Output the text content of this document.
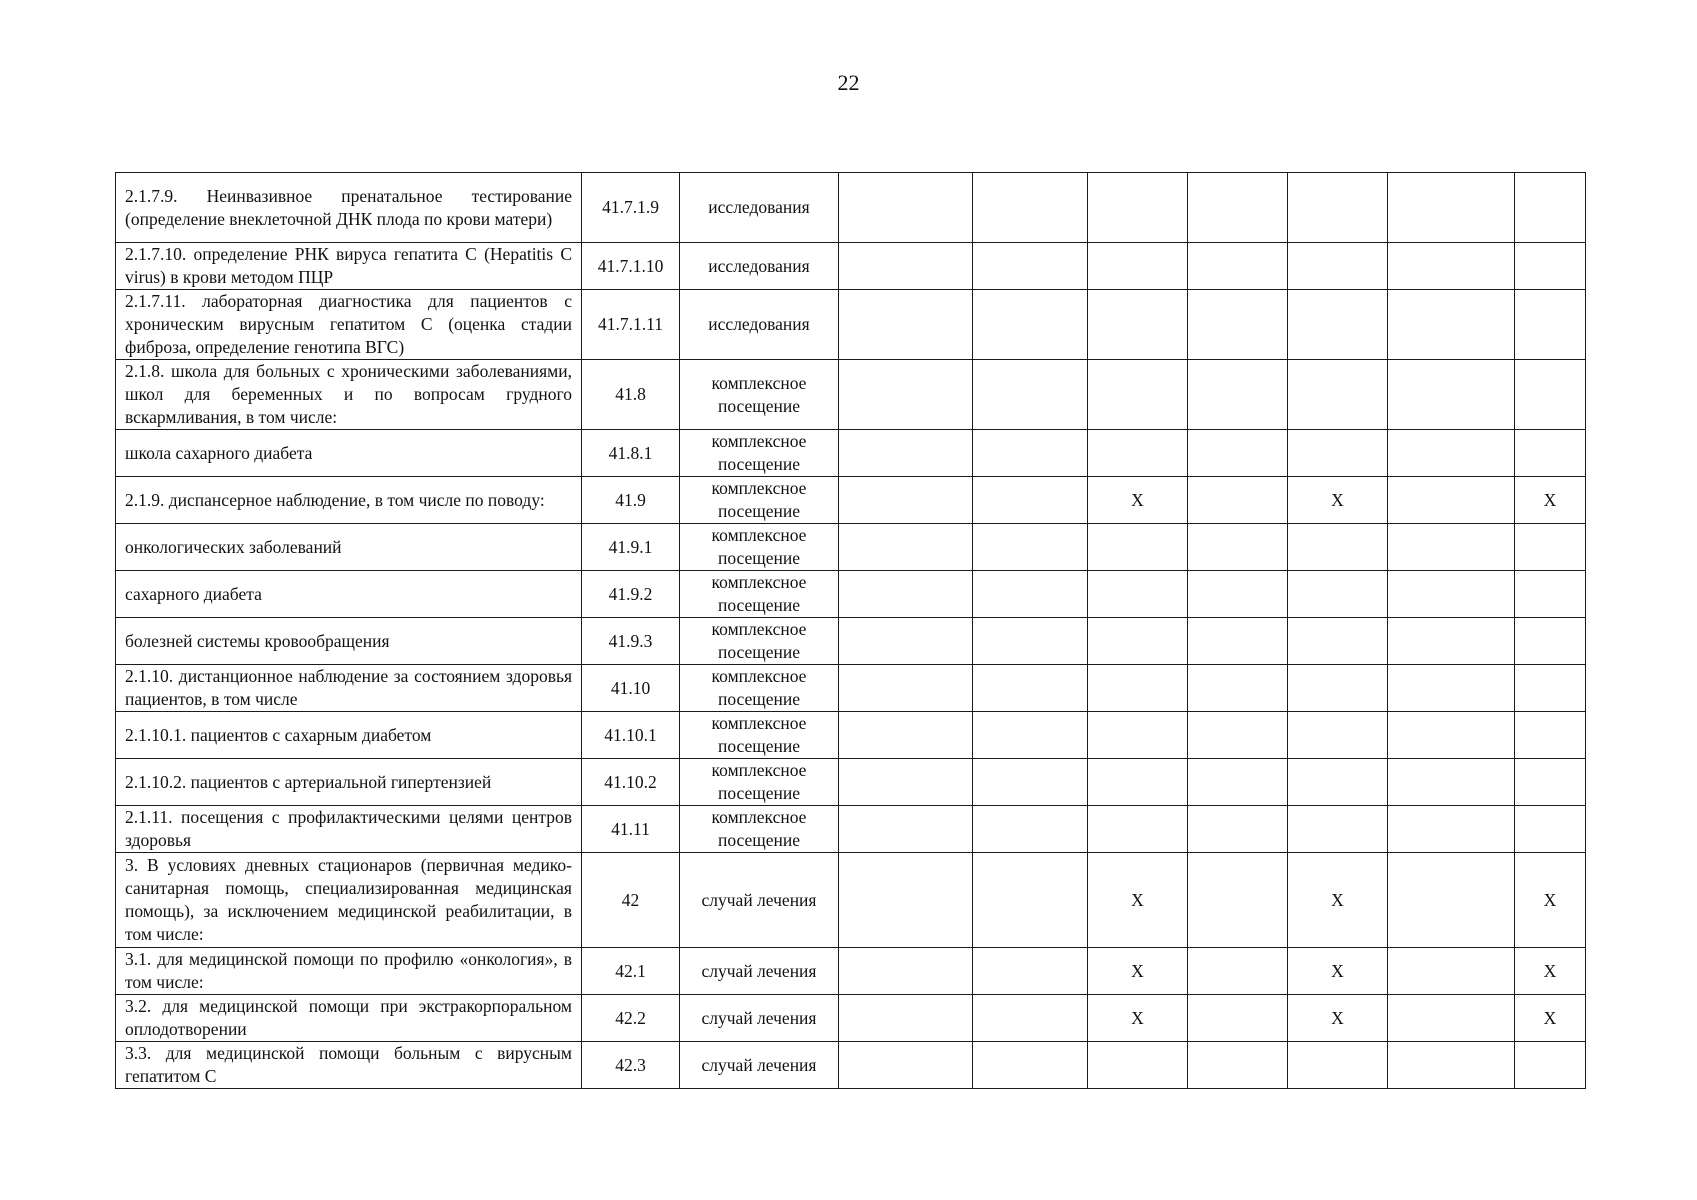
22
2.1.7.9. Неинвазивное пренатальное тестирование (определение внеклеточной ДНК плода по крови матери)	41.7.1.9	исследования							
2.1.7.10. определение РНК вируса гепатита С (Hepatitis C virus) в крови методом ПЦР	41.7.1.10	исследования							
2.1.7.11. лабораторная диагностика для пациентов с хроническим вирусным гепатитом С (оценка стадии фиброза, определение генотипа ВГС)	41.7.1.11	исследования							
2.1.8. школа для больных с хроническими заболеваниями, школ для беременных и по вопросам грудного вскармливания, в том числе:	41.8	комплексное посещение							
школа сахарного диабета	41.8.1	комплексное посещение							
2.1.9. диспансерное наблюдение, в том числе по поводу:	41.9	комплексное посещение			Х		Х		Х
онкологических заболеваний	41.9.1	комплексное посещение							
сахарного диабета	41.9.2	комплексное посещение							
болезней системы кровообращения	41.9.3	комплексное посещение							
2.1.10. дистанционное наблюдение за состоянием здоровья пациентов, в том числе	41.10	комплексное посещение							
2.1.10.1. пациентов с сахарным диабетом	41.10.1	комплексное посещение							
2.1.10.2. пациентов с артериальной гипертензией	41.10.2	комплексное посещение							
2.1.11. посещения с профилактическими целями центров здоровья	41.11	комплексное посещение							
3. В условиях дневных стационаров (первичная медико-санитарная помощь, специализированная медицинская помощь), за исключением медицинской реабилитации, в том числе:	42	случай лечения			Х		Х		Х
3.1. для медицинской помощи по профилю «онкология», в том числе:	42.1	случай лечения			Х		Х		Х
3.2. для медицинской помощи при экстракорпоральном оплодотворении	42.2	случай лечения			Х		Х		Х
3.3. для медицинской помощи больным с вирусным гепатитом С	42.3	случай лечения							
